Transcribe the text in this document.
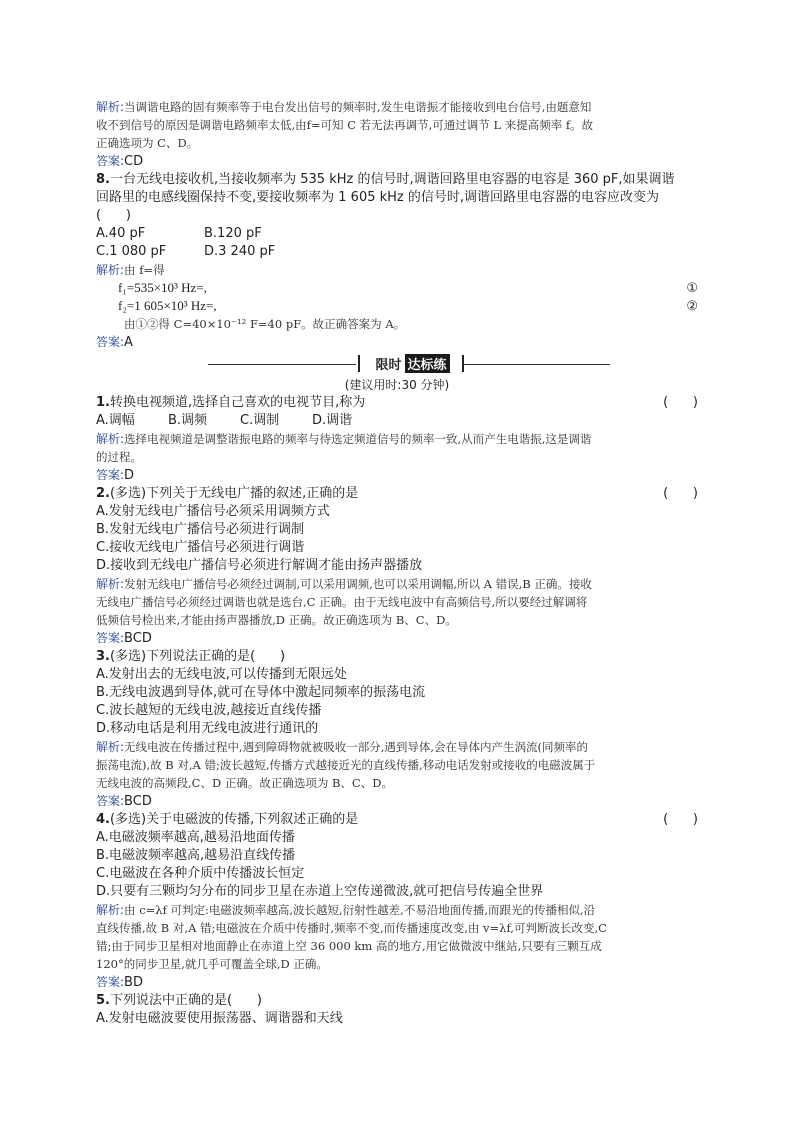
解析:当调谐电路的固有频率等于电台发出信号的频率时,发生电谐振才能接收到电台信号,由题意知
收不到信号的原因是调谐电路频率太低,由f=可知 C 若无法再调节,可通过调节 L 来提高频率 f。故
正确选项为 C、D。
答案:CD
8.一台无线电接收机,当接收频率为 535 kHz 的信号时,调谐回路里电容器的电容是 360 pF,如果调谐
回路里的电感线圈保持不变,要接收频率为 1 605 kHz 的信号时,调谐回路里电容器的电容应改变为
(      )
A.40 pF	B.120 pF
C.1 080 pF	D.3 240 pF
解析:由 f=得
f₁=535×10³ Hz=,	①
f₂=1 605×10³ Hz=,	②
由①②得 C=40×10⁻¹² F=40 pF。故正确答案为 A。
答案:A
限时 达标练
(建议用时:30 分钟)
1.转换电视频道,选择自己喜欢的电视节目,称为	(      )
A.调幅	B.调频	C.调制	D.调谐
解析:选择电视频道是调整谐振电路的频率与待选定频道信号的频率一致,从而产生电谐振,这是调谐
的过程。
答案:D
2.(多选)下列关于无线电广播的叙述,正确的是	(      )
A.发射无线电广播信号必须采用调频方式
B.发射无线电广播信号必须进行调制
C.接收无线电广播信号必须进行调谐
D.接收到无线电广播信号必须进行解调才能由扬声器播放
解析:发射无线电广播信号必须经过调制,可以采用调频,也可以采用调幅,所以 A 错误,B 正确。接收
无线电广播信号必须经过调谐也就是选台,C 正确。由于无线电波中有高频信号,所以要经过解调将
低频信号检出来,才能由扬声器播放,D 正确。故正确选项为 B、C、D。
答案:BCD
3.(多选)下列说法正确的是(      )
A.发射出去的无线电波,可以传播到无限远处
B.无线电波遇到导体,就可在导体中激起同频率的振荡电流
C.波长越短的无线电波,越接近直线传播
D.移动电话是利用无线电波进行通讯的
解析:无线电波在传播过程中,遇到障碍物就被吸收一部分,遇到导体,会在导体内产生涡流(同频率的
振荡电流),故 B 对,A 错;波长越短,传播方式越接近光的直线传播,移动电话发射或接收的电磁波属于
无线电波的高频段,C、D 正确。故正确选项为 B、C、D。
答案:BCD
4.(多选)关于电磁波的传播,下列叙述正确的是	(      )
A.电磁波频率越高,越易沿地面传播
B.电磁波频率越高,越易沿直线传播
C.电磁波在各种介质中传播波长恒定
D.只要有三颗均匀分布的同步卫星在赤道上空传递微波,就可把信号传遍全世界
解析:由 c=λf 可判定:电磁波频率越高,波长越短,衍射性越差,不易沿地面传播,而跟光的传播相似,沿
直线传播,故 B 对,A 错;电磁波在介质中传播时,频率不变,而传播速度改变,由 v=λf,可判断波长改变,C
错;由于同步卫星相对地面静止在赤道上空 36 000 km 高的地方,用它做微波中继站,只要有三颗互成
120°的同步卫星,就几乎可覆盖全球,D 正确。
答案:BD
5.下列说法中正确的是(      )
A.发射电磁波要使用振荡器、调谐器和天线
